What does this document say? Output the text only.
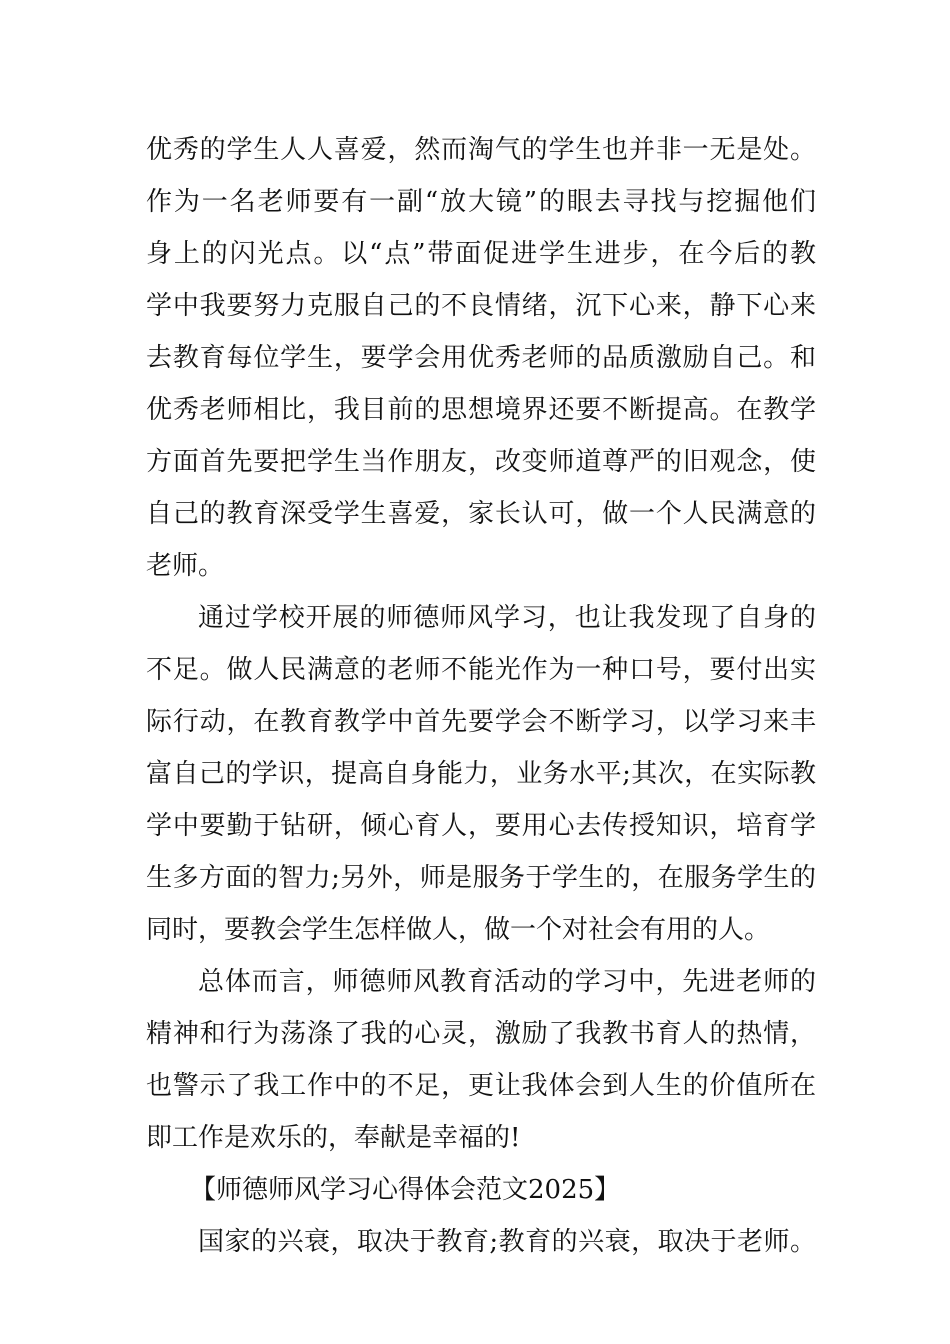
优秀的学生人人喜爱，然而淘气的学生也并非一无是处。
作为一名老师要有一副“放大镜”的眼去寻找与挖掘他们
身上的闪光点。以“点”带面促进学生进步，在今后的教
学中我要努力克服自己的不良情绪，沉下心来，静下心来
去教育每位学生，要学会用优秀老师的品质激励自己。和
优秀老师相比，我目前的思想境界还要不断提高。在教学
方面首先要把学生当作朋友，改变师道尊严的旧观念，使
自己的教育深受学生喜爱，家长认可，做一个人民满意的
老师。
通过学校开展的师德师风学习，也让我发现了自身的
不足。做人民满意的老师不能光作为一种口号，要付出实
际行动，在教育教学中首先要学会不断学习，以学习来丰
富自己的学识，提高自身能力，业务水平;其次，在实际教
学中要勤于钻研，倾心育人，要用心去传授知识，培育学
生多方面的智力;另外，师是服务于学生的，在服务学生的
同时，要教会学生怎样做人，做一个对社会有用的人。
总体而言，师德师风教育活动的学习中，先进老师的
精神和行为荡涤了我的心灵，激励了我教书育人的热情，
也警示了我工作中的不足，更让我体会到人生的价值所在
即工作是欢乐的，奉献是幸福的!
【师德师风学习心得体会范文2025】
国家的兴衰，取决于教育;教育的兴衰，取决于老师。
